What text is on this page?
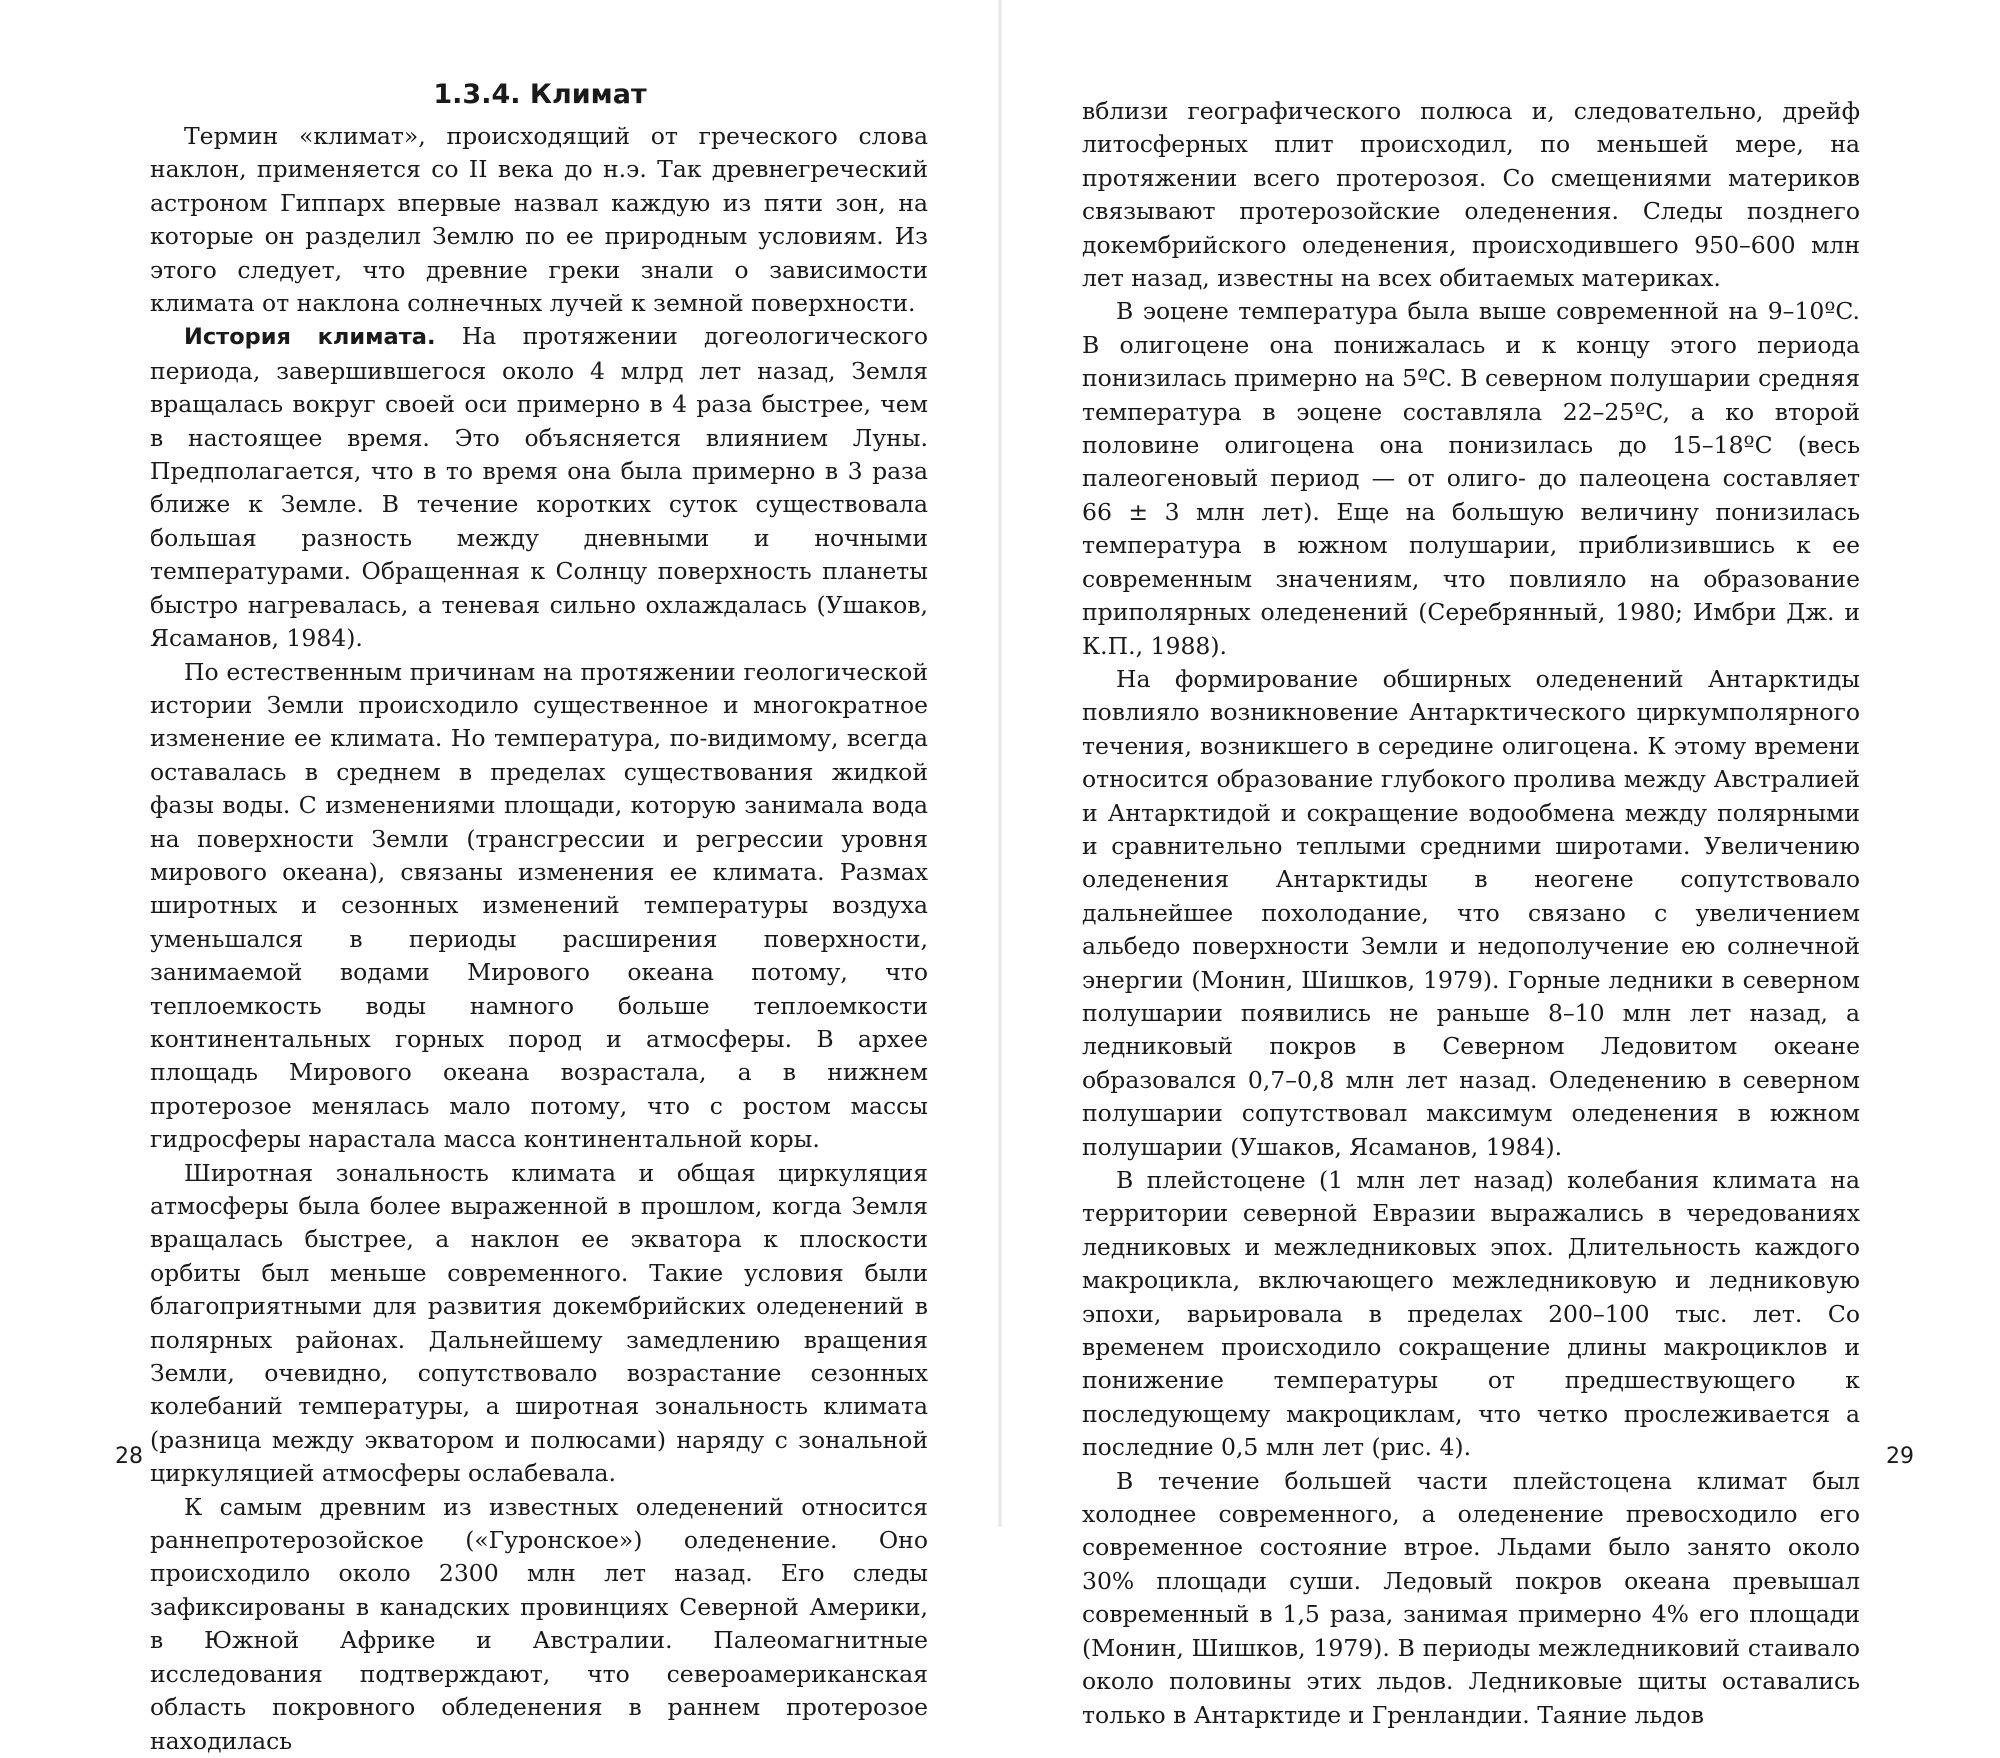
1.3.4. Климат

Термин «климат», происходящий от греческого слова наклон, применяется со II века до н.э. Так древнегреческий астроном Гиппарх впервые назвал каждую из пяти зон, на которые он разделил Землю по ее природным условиям. Из этого следует, что древние греки знали о зависимости климата от наклона солнечных лучей к земной поверхности.

История климата. На протяжении догеологического периода, завершившегося около 4 млрд лет назад, Земля вращалась вокруг своей оси примерно в 4 раза быстрее, чем в настоящее время. Это объясняется влиянием Луны. Предполагается, что в то время она была примерно в 3 раза ближе к Земле. В течение коротких суток существовала большая разность между дневными и ночными температурами. Обращенная к Солнцу поверхность планеты быстро нагревалась, а теневая сильно охлаждалась (Ушаков, Ясаманов, 1984).

По естественным причинам на протяжении геологической истории Земли происходило существенное и многократное изменение ее климата. Но температура, по-видимому, всегда оставалась в среднем в пределах существования жидкой фазы воды. С изменениями площади, которую занимала вода на поверхности Земли (трансгрессии и регрессии уровня мирового океана), связаны изменения ее климата. Размах широтных и сезонных изменений температуры воздуха уменьшался в периоды расширения поверхности, занимаемой водами Мирового океана потому, что теплоемкость воды намного больше теплоемкости континентальных горных пород и атмосферы. В архее площадь Мирового океана возрастала, а в нижнем протерозое менялась мало потому, что с ростом массы гидросферы нарастала масса континентальной коры.

Широтная зональность климата и общая циркуляция атмосферы была более выраженной в прошлом, когда Земля вращалась быстрее, а наклон ее экватора к плоскости орбиты был меньше современного. Такие условия были благоприятными для развития докембрийских оледенений в полярных районах. Дальнейшему замедлению вращения Земли, очевидно, сопутствовало возрастание сезонных колебаний температуры, а широтная зональность климата (разница между экватором и полюсами) наряду с зональной циркуляцией атмосферы ослабевала.

К самым древним из известных оледенений относится раннепротерозойское («Гуронское») оледенение. Оно происходило около 2300 млн лет назад. Его следы зафиксированы в канадских провинциях Северной Америки, в Южной Африке и Австралии. Палеомагнитные исследования подтверждают, что североамериканская область покровного обледенения в раннем протерозое находилась

28

вблизи географического полюса и, следовательно, дрейф литосферных плит происходил, по меньшей мере, на протяжении всего протерозоя. Со смещениями материков связывают протерозойские оледенения. Следы позднего докембрийского оледенения, происходившего 950–600 млн лет назад, известны на всех обитаемых материках.

В эоцене температура была выше современной на 9–10ºC. В олигоцене она понижалась и к концу этого периода понизилась примерно на 5ºC. В северном полушарии средняя температура в эоцене составляла 22–25ºC, а ко второй половине олигоцена она понизилась до 15–18ºC (весь палеогеновый период — от олиго- до палеоцена составляет 66 ± 3 млн лет). Еще на большую величину понизилась температура в южном полушарии, приблизившись к ее современным значениям, что повлияло на образование приполярных оледенений (Серебрянный, 1980; Имбри Дж. и К.П., 1988).

На формирование обширных оледенений Антарктиды повлияло возникновение Антарктического циркумполярного течения, возникшего в середине олигоцена. К этому времени относится образование глубокого пролива между Австралией и Антарктидой и сокращение водообмена между полярными и сравнительно теплыми средними широтами. Увеличению оледенения Антарктиды в неогене сопутствовало дальнейшее похолодание, что связано с увеличением альбедо поверхности Земли и недополучение ею солнечной энергии (Монин, Шишков, 1979). Горные ледники в северном полушарии появились не раньше 8–10 млн лет назад, а ледниковый покров в Северном Ледовитом океане образовался 0,7–0,8 млн лет назад. Оледенению в северном полушарии сопутствовал максимум оледенения в южном полушарии (Ушаков, Ясаманов, 1984).

В плейстоцене (1 млн лет назад) колебания климата на территории северной Евразии выражались в чередованиях ледниковых и межледниковых эпох. Длительность каждого макроцикла, включающего межледниковую и ледниковую эпохи, варьировала в пределах 200–100 тыс. лет. Со временем происходило сокращение длины макроциклов и понижение температуры от предшествующего к последующему макроциклам, что четко прослеживается а последние 0,5 млн лет (рис. 4).

В течение большей части плейстоцена климат был холоднее современного, а оледенение превосходило его современное состояние втрое. Льдами было занято около 30% площади суши. Ледовый покров океана превышал современный в 1,5 раза, занимая примерно 4% его площади (Монин, Шишков, 1979). В периоды межледниковий стаивало около половины этих льдов. Ледниковые щиты оставались только в Антарктиде и Гренландии. Таяние льдов

29
